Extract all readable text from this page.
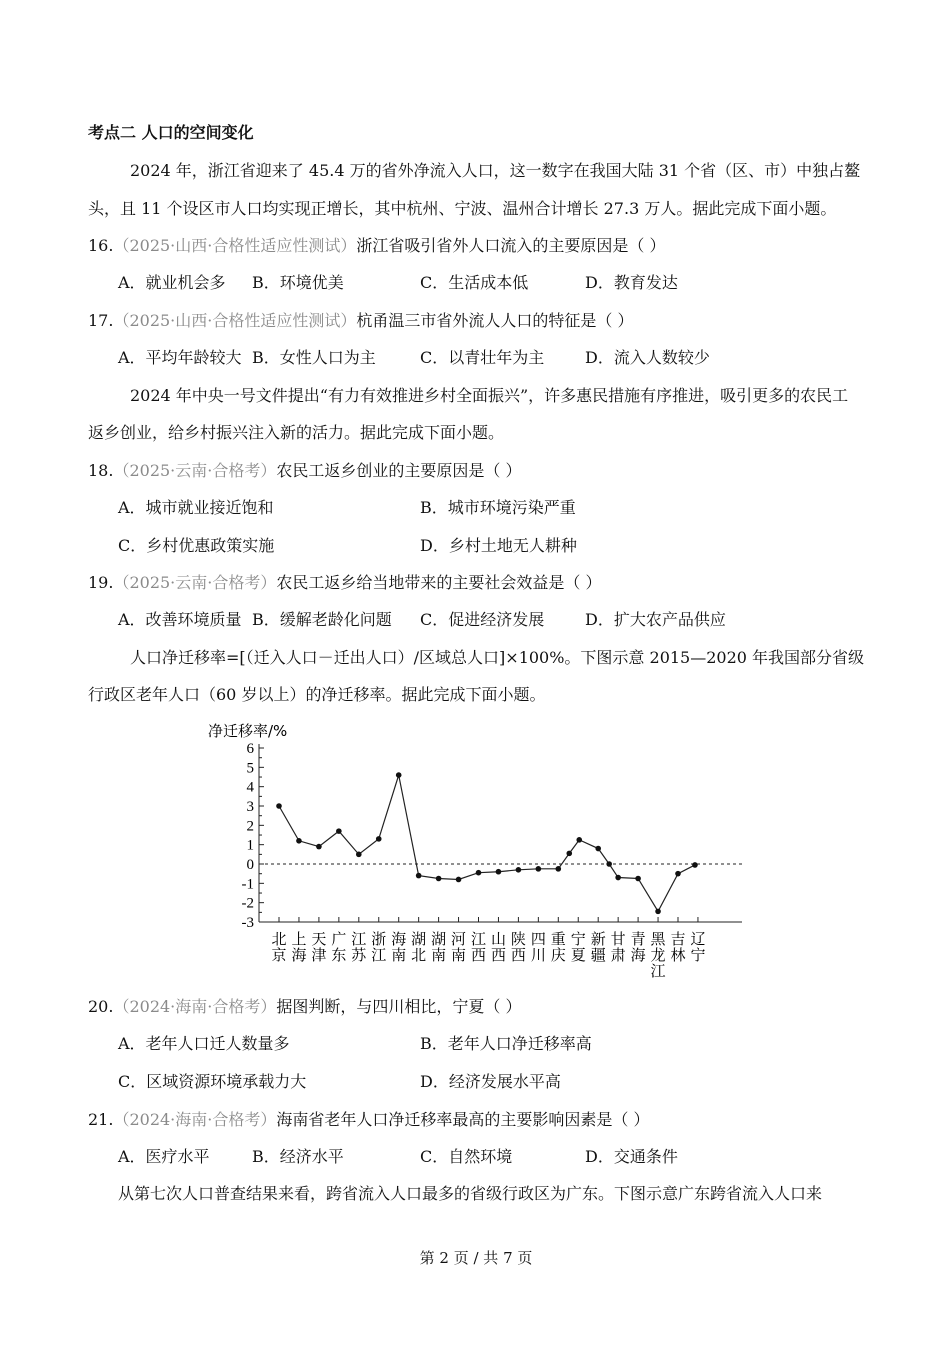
考点二 人口的空间变化
2024 年，浙江省迎来了 45.4 万的省外净流入人口，这一数字在我国大陆 31 个省（区、市）中独占鳌
头，且 11 个设区市人口均实现正增长，其中杭州、宁波、温州合计增长 27.3 万人。据此完成下面小题。
16.（2025·山西·合格性适应性测试）浙江省吸引省外人口流入的主要原因是（ ）
A．就业机会多 B．环境优美	C．生活成本低	D．教育发达
17.（2025·山西·合格性适应性测试）杭甬温三市省外流人人口的特征是（ ）
A．平均年龄较大 B．女性人口为主	C．以青壮年为主	D．流入人数较少
18.（2025·云南·合格考）农民工返乡创业的主要原因是（ ）
A．城市就业接近饱和	B．城市环境污染严重
C．乡村优惠政策实施	D．乡村土地无人耕种
19.（2025·云南·合格考）农民工返乡给当地带来的主要社会效益是（ ）
A．改善环境质量 B．缓解老龄化问题 C．促进经济发展	D．扩大农产品供应
20.（2024·海南·合格考）据图判断，与四川相比，宁夏（ ）
A．老年人口迁人数量多	B．老年人口净迁移率高
C．区域资源环境承载力大	D．经济发展水平高
21.（2024·海南·合格考）海南省老年人口净迁移率最高的主要影响因素是（ ）
A．医疗水平	B．经济水平	C．自然环境	D．交通条件
2024 年中央一号文件提出“有力有效推进乡村全面振兴”，许多惠民措施有序推进，吸引更多的农民工
返乡创业，给乡村振兴注入新的活力。据此完成下面小题。
人口净迁移率=[（迁入人口－迁出人口）/区域总人口]×100%。下图示意 2015—2020 年我国部分省级
行政区老年人口（60 岁以上）的净迁移率。据此完成下面小题。
从第七次人口普查结果来看，跨省流入人口最多的省级行政区为广东。下图示意广东跨省流入人口来
净迁移率/%
6
5
4
3
2
1
0
-1
-2
-3
北京
上海
天津
广东
江苏
浙江
海南
湖北
湖南
河南
江西
山西
陕西
四川
重庆
宁夏
新疆
甘肃
青海
黑龙江
吉林
辽宁
第 2 页 / 共 7 页
